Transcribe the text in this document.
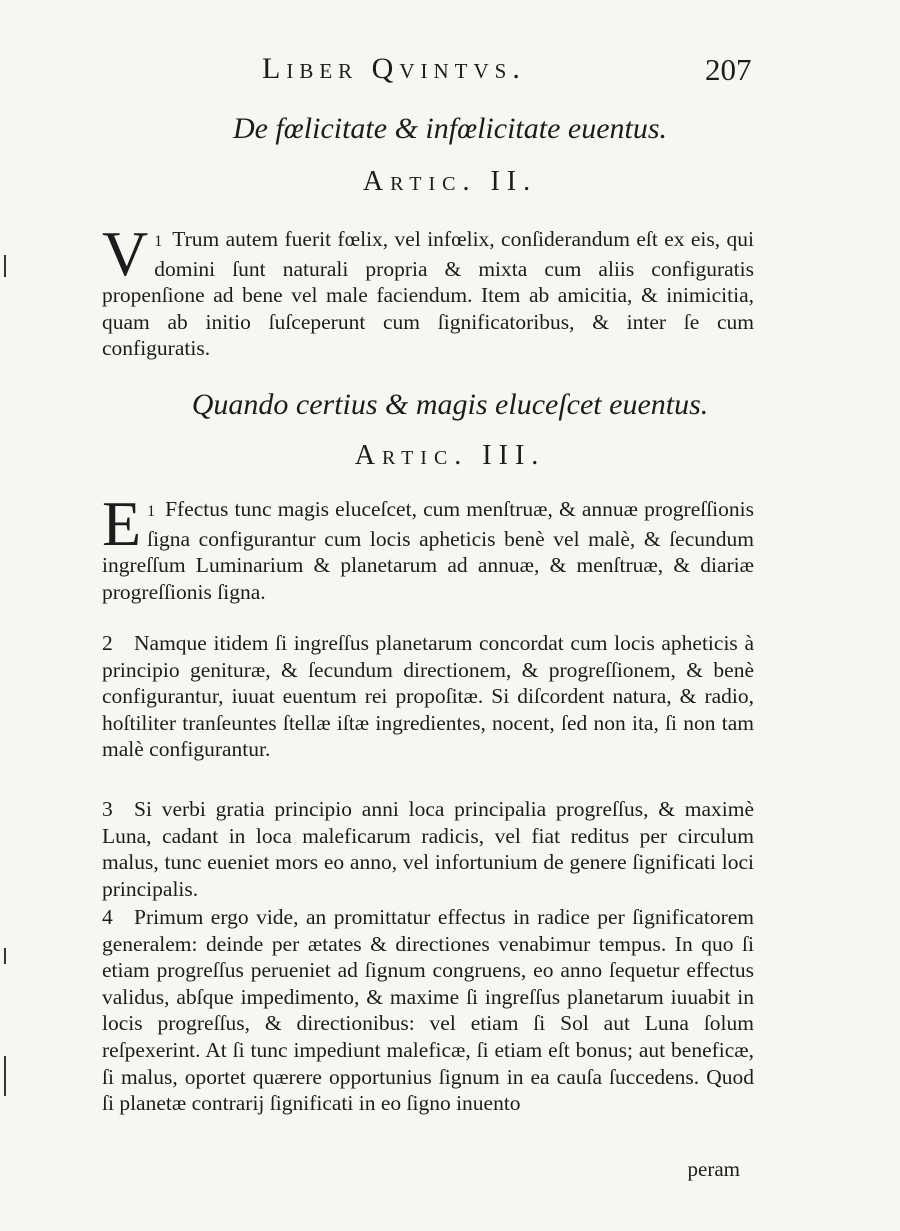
Liber Qvintvs.	207
De fœlicitate & infœlicitate euentus.
Artic. II.

1
V Trum autem fuerit fœlix, vel infœlix, conſiderandum eſt ex eis, qui domini ſunt naturali propria & mixta cum aliis configuratis propenſione ad bene vel male faciendum. Item ab amicitia, & inimicitia, quam ab initio ſuſceperunt cum ſignificatoribus, & inter ſe cum configuratis.

Quando certius & magis eluceſcet euentus.
Artic. III.

1
E Ffectus tunc magis eluceſcet, cum menſtruæ, & annuæ progreſſionis ſigna configurantur cum locis apheticis benè vel malè, & ſecundum ingreſſum Luminarium & planetarum ad annuæ, & menſtruæ, & diariæ progreſſionis ſigna.

2 Namque itidem ſi ingreſſus planetarum concordat cum locis apheticis à principio genituræ, & ſecundum directionem, & progreſſionem, & benè configurantur, iuuat euentum rei propoſitæ. Si diſcordent natura, & radio, hoſtiliter tranſeuntes ſtellæ iſtæ ingredientes, nocent, ſed non ita, ſi non tam malè configurantur.

3 Si verbi gratia principio anni loca principalia progreſſus, & maximè Luna, cadant in loca maleficarum radicis, vel fiat reditus per circulum malus, tunc eueniet mors eo anno, vel infortunium de genere ſignificati loci principalis.

4 Primum ergo vide, an promittatur effectus in radice per ſignificatorem generalem: deinde per ætates & directiones venabimur tempus. In quo ſi etiam progreſſus perueniet ad ſignum congruens, eo anno ſequetur effectus validus, abſque impedimento, & maxime ſi ingreſſus planetarum iuuabit in locis progreſſus, & directionibus: vel etiam ſi Sol aut Luna ſolum reſpexerint. At ſi tunc impediunt maleficæ, ſi etiam eſt bonus; aut beneficæ, ſi malus, oportet quærere opportunius ſignum in ea cauſa ſuccedens. Quod ſi planetæ contrarij ſignificati in eo ſigno inuento

peram
